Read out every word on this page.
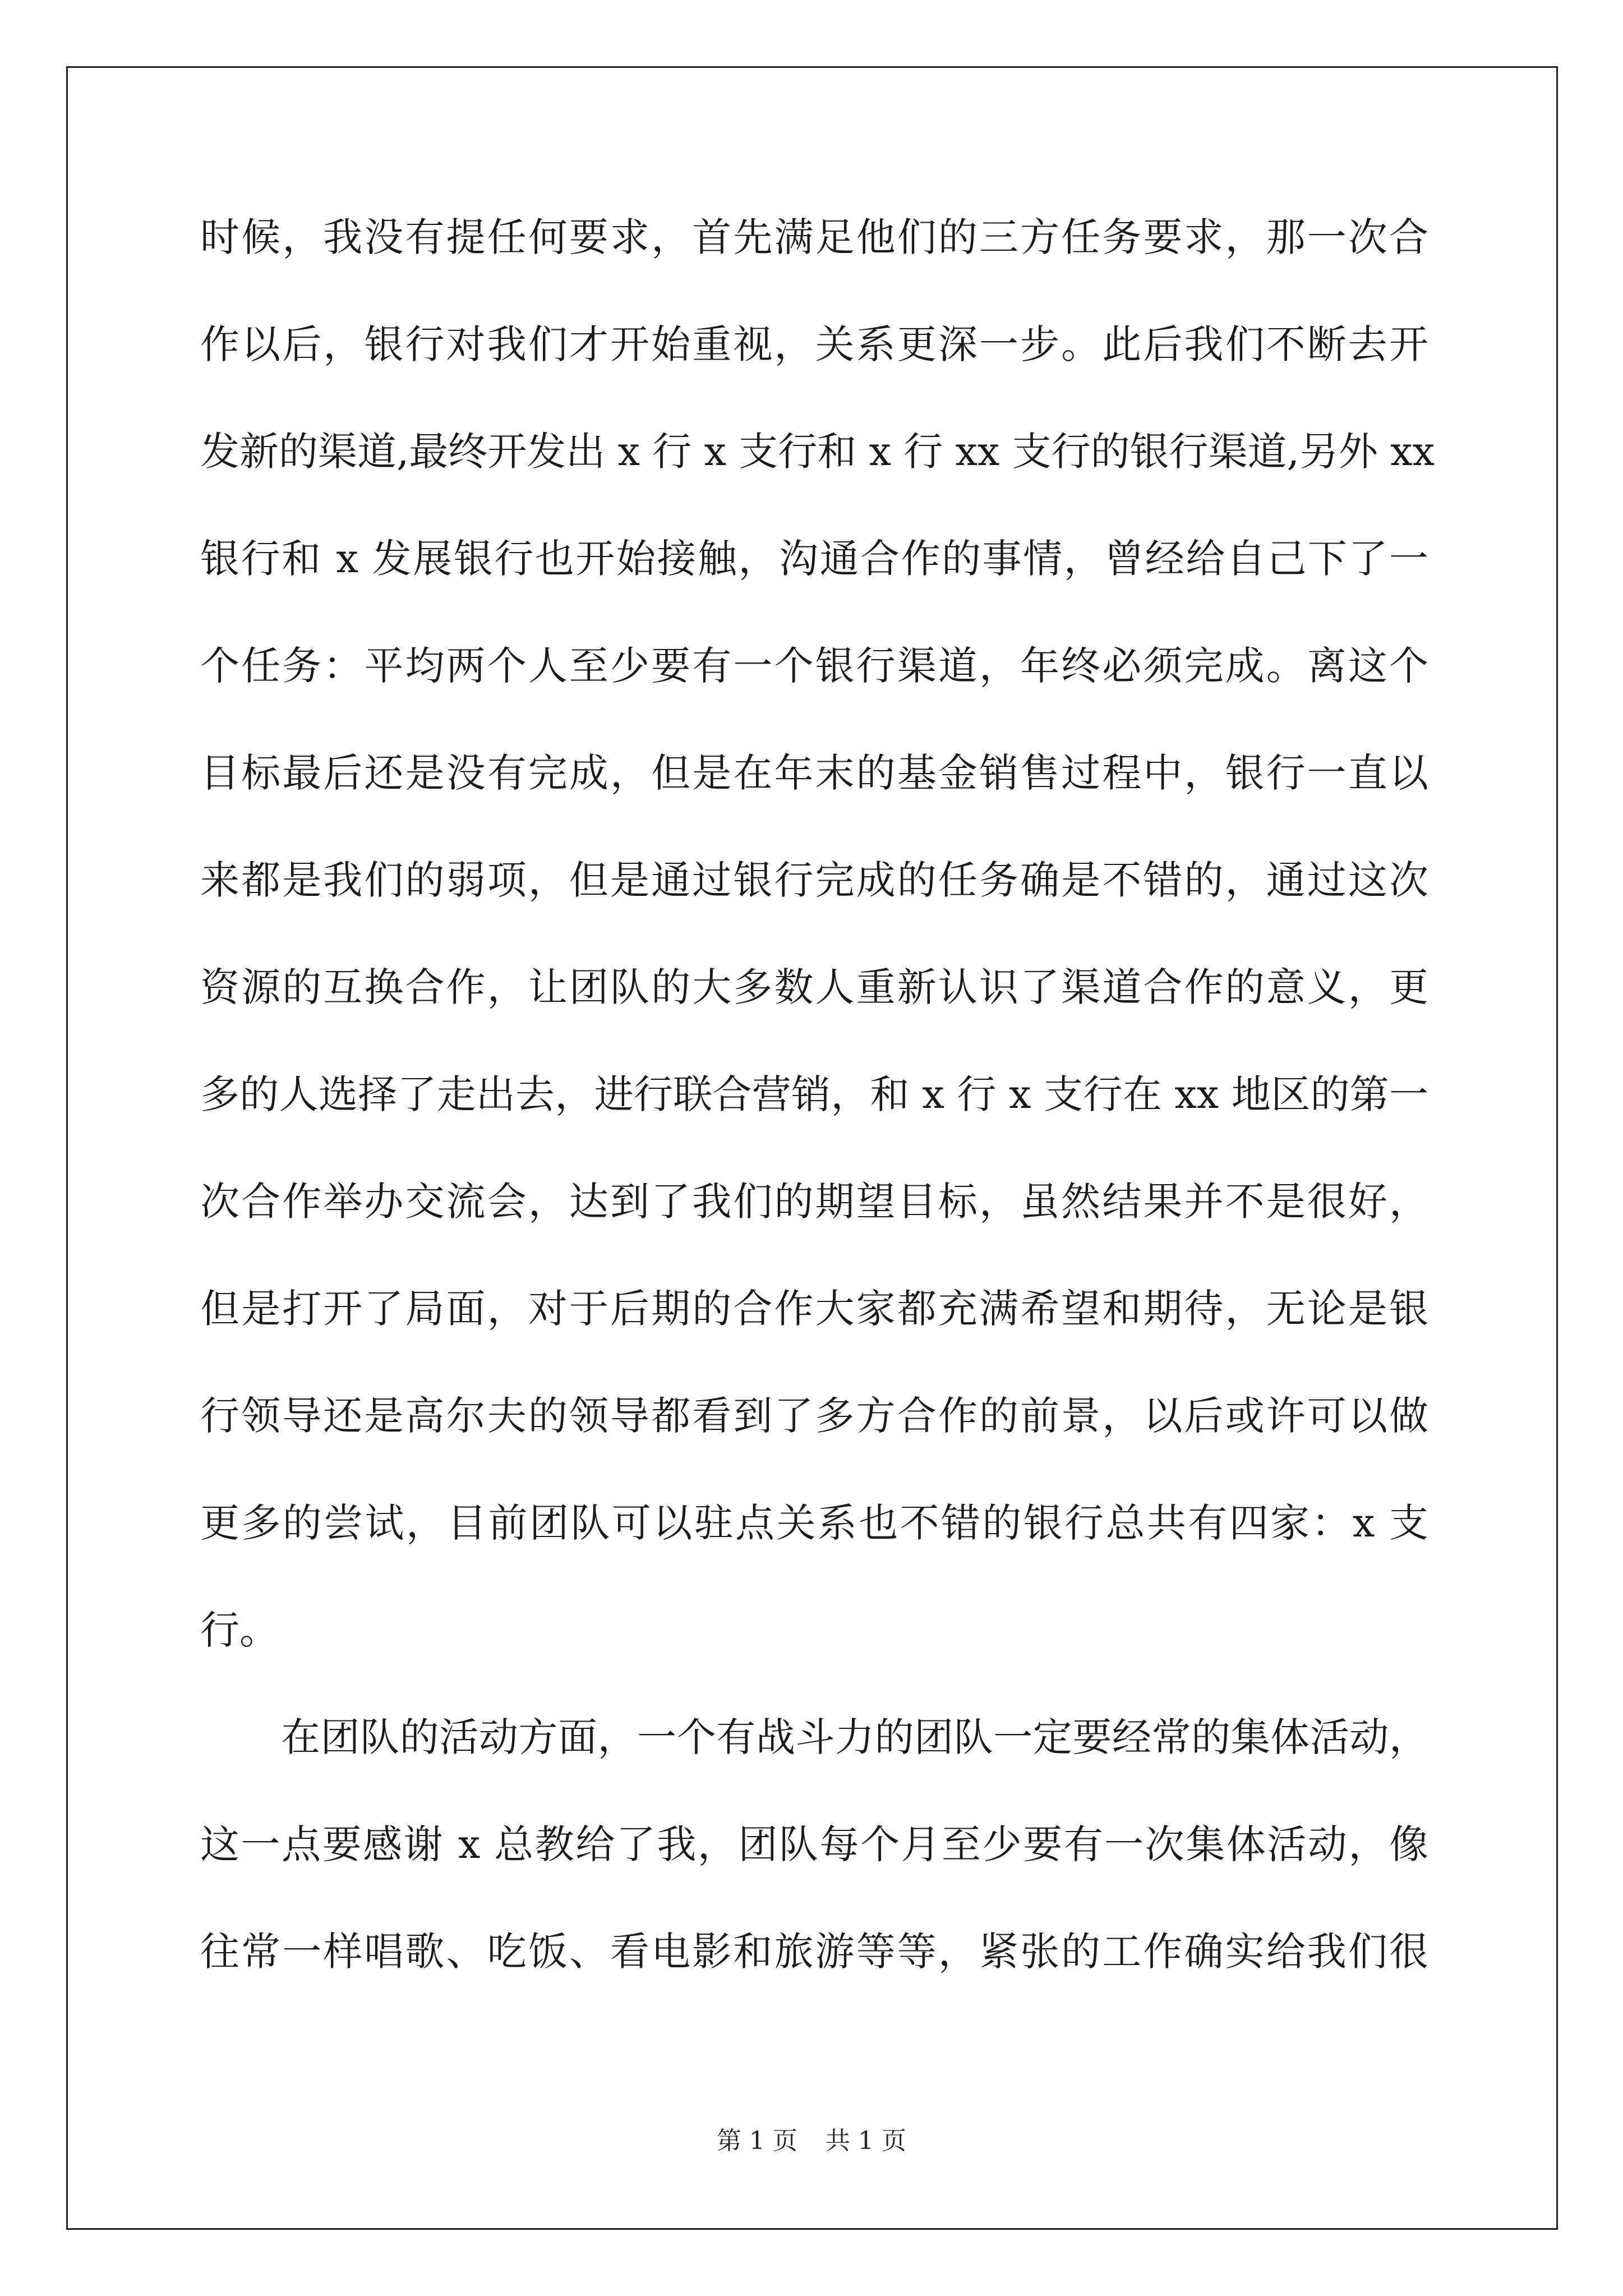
时候，我没有提任何要求，首先满足他们的三方任务要求，那一次合
作以后，银行对我们才开始重视，关系更深一步。此后我们不断去开
发新的渠道,最终开发出 x 行 x 支行和 x 行 xx 支行的银行渠道,另外 xx
银行和 x 发展银行也开始接触，沟通合作的事情，曾经给自己下了一
个任务：平均两个人至少要有一个银行渠道，年终必须完成。离这个
目标最后还是没有完成，但是在年末的基金销售过程中，银行一直以
来都是我们的弱项，但是通过银行完成的任务确是不错的，通过这次
资源的互换合作，让团队的大多数人重新认识了渠道合作的意义，更
多的人选择了走出去，进行联合营销，和 x 行 x 支行在 xx 地区的第一
次合作举办交流会，达到了我们的期望目标，虽然结果并不是很好，
但是打开了局面，对于后期的合作大家都充满希望和期待，无论是银
行领导还是高尔夫的领导都看到了多方合作的前景，以后或许可以做
更多的尝试，目前团队可以驻点关系也不错的银行总共有四家：x 支
行。
在团队的活动方面，一个有战斗力的团队一定要经常的集体活动，
这一点要感谢 x 总教给了我，团队每个月至少要有一次集体活动，像
往常一样唱歌、吃饭、看电影和旅游等等，紧张的工作确实给我们很
第 1 页 共 1 页
